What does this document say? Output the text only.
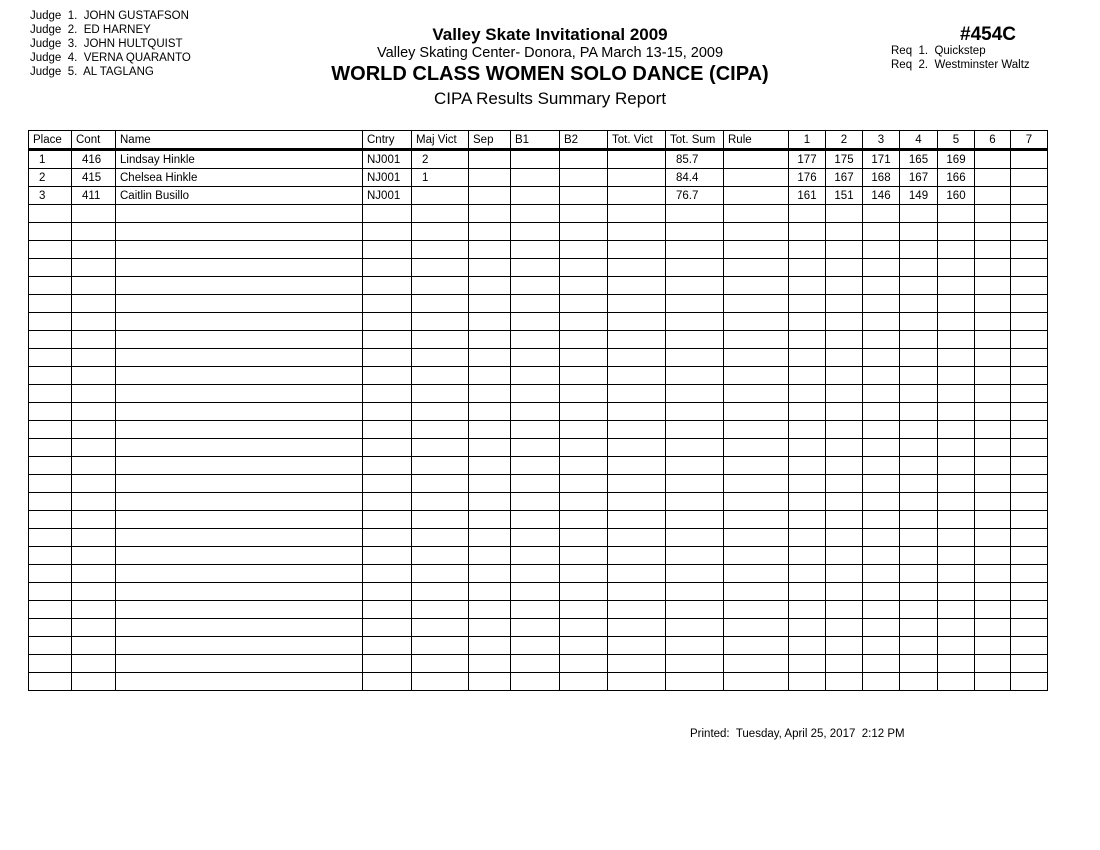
Judge  1. JOHN GUSTAFSON
Judge  2. ED HARNEY
Judge  3. JOHN HULTQUIST
Judge  4. VERNA QUARANTO
Judge  5. AL TAGLANG
Valley Skate Invitational 2009
Valley Skating Center- Donora, PA March 13-15, 2009
WORLD CLASS WOMEN SOLO DANCE (CIPA)
CIPA Results Summary Report
#454C
Req  1. Quickstep
Req  2. Westminster Waltz
Place	Cont	Name	Cntry	Maj Vict	Sep	B1	B2	Tot. Vict	Tot. Sum	Rule	1	2	3	4	5	6	7
1	416	Lindsay Hinkle	NJ001	2					85.7		177	175	171	165	169		
2	415	Chelsea Hinkle	NJ001	1					84.4		176	167	168	167	166		
3	411	Caitlin Busillo	NJ001						76.7		161	151	146	149	160		

Printed:  Tuesday, April 25, 2017  2:12 PM
